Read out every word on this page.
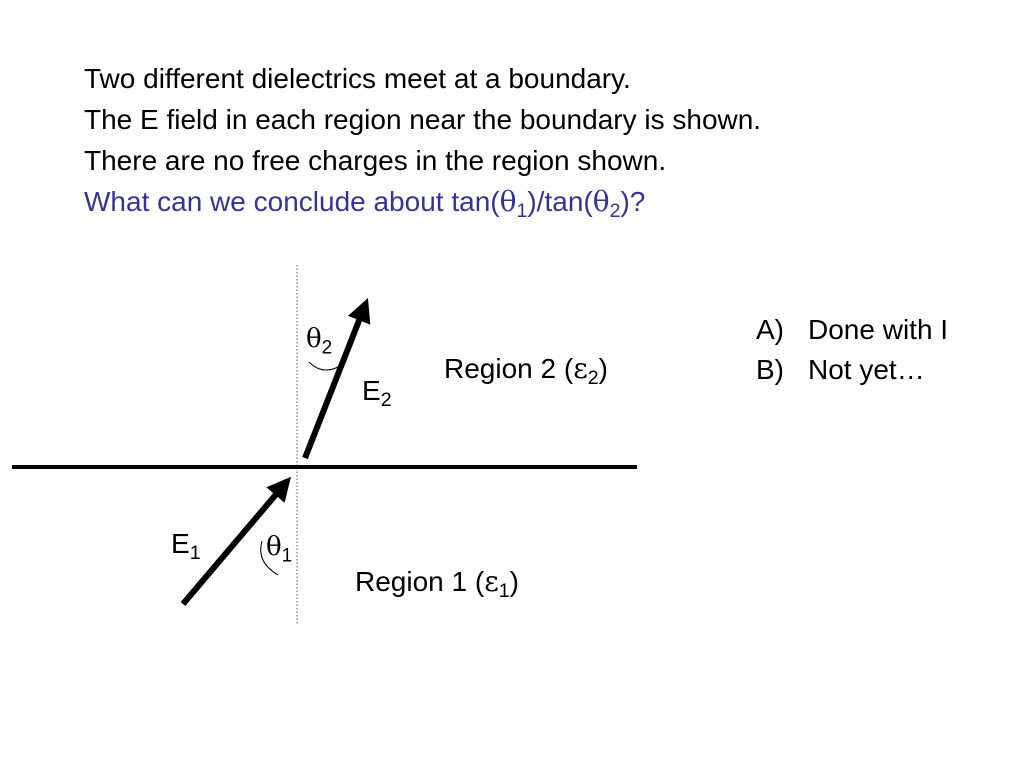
Two different dielectrics meet at a boundary.
The E field in each region near the boundary is shown.
There are no free charges in the region shown.
What can we conclude about $\tan(\theta_1)/\tan(\theta_2)$?
$\theta_2$
$E_2$
Region 2 $(\varepsilon_2)$
$E_1$	$\theta_1$
Region 1 $(\varepsilon_1)$
A) Done with I
B) Not yet…
